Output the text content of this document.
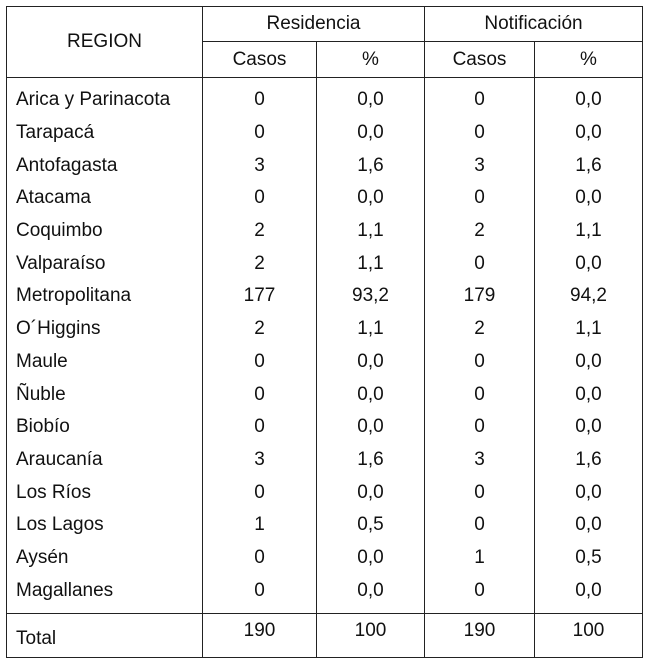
REGION	Residencia		Notificación	
	Casos	%	Casos	%
Arica y Parinacota	0	0,0	0	0,0
Tarapacá	0	0,0	0	0,0
Antofagasta	3	1,6	3	1,6
Atacama	0	0,0	0	0,0
Coquimbo	2	1,1	2	1,1
Valparaíso	2	1,1	0	0,0
Metropolitana	177	93,2	179	94,2
O´Higgins	2	1,1	2	1,1
Maule	0	0,0	0	0,0
Ñuble	0	0,0	0	0,0
Biobío	0	0,0	0	0,0
Araucanía	3	1,6	3	1,6
Los Ríos	0	0,0	0	0,0
Los Lagos	1	0,5	0	0,0
Aysén	0	0,0	1	0,5
Magallanes	0	0,0	0	0,0
Total	190	100	190	100
